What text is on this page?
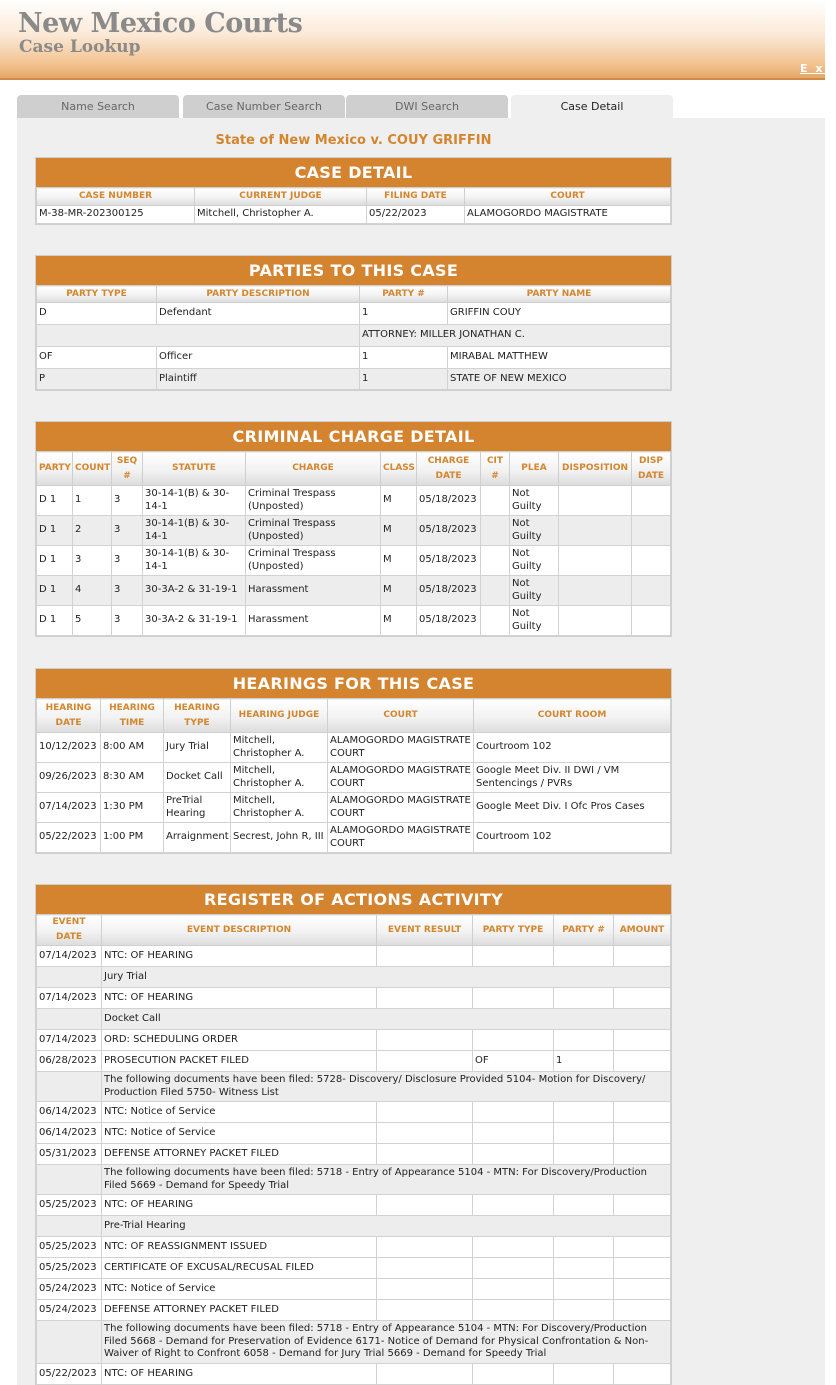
New Mexico Courts
Case Lookup
E x i
Name Search	Case Number Search	DWI Search	Case Detail
State of New Mexico v. COUY GRIFFIN
CASE DETAIL
CASE NUMBER	CURRENT JUDGE	FILING DATE	COURT
M-38-MR-202300125	Mitchell, Christopher A.	05/22/2023	ALAMOGORDO MAGISTRATE
PARTIES TO THIS CASE
PARTY TYPE	PARTY DESCRIPTION	PARTY #	PARTY NAME
D	Defendant	1	GRIFFIN COUY
		ATTORNEY: MILLER JONATHAN C.	
OF	Officer	1	MIRABAL MATTHEW
P	Plaintiff	1	STATE OF NEW MEXICO
CRIMINAL CHARGE DETAIL
PARTY	COUNT	SEQ #	STATUTE	CHARGE	CLASS	CHARGE DATE	CIT #	PLEA	DISPOSITION	DISP DATE
D 1	1	3	30-14-1(B) & 30-14-1	Criminal Trespass (Unposted)	M	05/18/2023		Not Guilty		
D 1	2	3	30-14-1(B) & 30-14-1	Criminal Trespass (Unposted)	M	05/18/2023		Not Guilty		
D 1	3	3	30-14-1(B) & 30-14-1	Criminal Trespass (Unposted)	M	05/18/2023		Not Guilty		
D 1	4	3	30-3A-2 & 31-19-1	Harassment	M	05/18/2023		Not Guilty		
D 1	5	3	30-3A-2 & 31-19-1	Harassment	M	05/18/2023		Not Guilty		
HEARINGS FOR THIS CASE
HEARING DATE	HEARING TIME	HEARING TYPE	HEARING JUDGE	COURT	COURT ROOM
10/12/2023	8:00 AM	Jury Trial	Mitchell, Christopher A.	ALAMOGORDO MAGISTRATE COURT	Courtroom 102
09/26/2023	8:30 AM	Docket Call	Mitchell, Christopher A.	ALAMOGORDO MAGISTRATE COURT	Google Meet Div. II DWI / VM Sentencings / PVRs
07/14/2023	1:30 PM	PreTrial Hearing	Mitchell, Christopher A.	ALAMOGORDO MAGISTRATE COURT	Google Meet Div. I Ofc Pros Cases
05/22/2023	1:00 PM	Arraignment	Secrest, John R, III	ALAMOGORDO MAGISTRATE COURT	Courtroom 102
REGISTER OF ACTIONS ACTIVITY
EVENT DATE	EVENT DESCRIPTION	EVENT RESULT	PARTY TYPE	PARTY #	AMOUNT
07/14/2023	NTC: OF HEARING				
	Jury Trial				
07/14/2023	NTC: OF HEARING				
	Docket Call				
07/14/2023	ORD: SCHEDULING ORDER				
06/28/2023	PROSECUTION PACKET FILED		OF	1	
	The following documents have been filed: 5728- Discovery/ Disclosure Provided 5104- Motion for Discovery/ Production Filed 5750- Witness List				
06/14/2023	NTC: Notice of Service				
06/14/2023	NTC: Notice of Service				
05/31/2023	DEFENSE ATTORNEY PACKET FILED				
	The following documents have been filed: 5718 - Entry of Appearance 5104 - MTN: For Discovery/Production Filed 5669 - Demand for Speedy Trial				
05/25/2023	NTC: OF HEARING				
	Pre-Trial Hearing				
05/25/2023	NTC: OF REASSIGNMENT ISSUED				
05/25/2023	CERTIFICATE OF EXCUSAL/RECUSAL FILED				
05/24/2023	NTC: Notice of Service				
05/24/2023	DEFENSE ATTORNEY PACKET FILED				
	The following documents have been filed: 5718 - Entry of Appearance 5104 - MTN: For Discovery/Production Filed 5668 - Demand for Preservation of Evidence 6171- Notice of Demand for Physical Confrontation & Non-Waiver of Right to Confront 6058 - Demand for Jury Trial 5669 - Demand for Speedy Trial				
05/22/2023	NTC: OF HEARING				
